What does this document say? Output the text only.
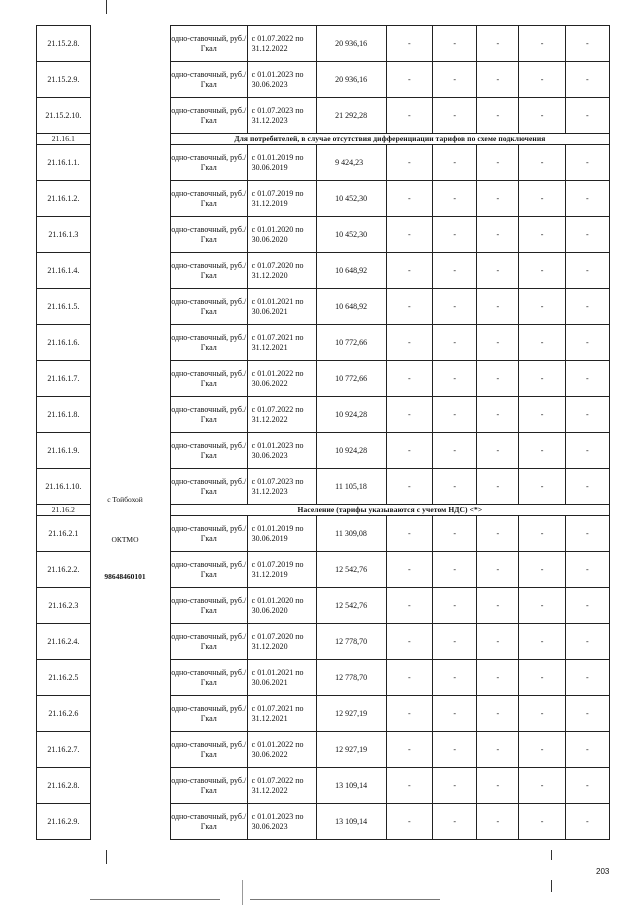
21.15.2.8.		одно-ставочный, руб./Гкал	с 01.07.2022 по 31.12.2022	20 936,16	-	-	-	-	-
21.15.2.9.		одно-ставочный, руб./Гкал	с 01.01.2023 по 30.06.2023	20 936,16	-	-	-	-	-
21.15.2.10.		одно-ставочный, руб./Гкал	с 01.07.2023 по 31.12.2023	21 292,28	-	-	-	-	-
21.16.1		Для потребителей, в случае отсутствия дифференциации тарифов по схеме подключения							
21.16.1.1.		одно-ставочный, руб./Гкал	с 01.01.2019 по 30.06.2019	9 424,23	-	-	-	-	-
21.16.1.2.		одно-ставочный, руб./Гкал	с 01.07.2019 по 31.12.2019	10 452,30	-	-	-	-	-
21.16.1.3		одно-ставочный, руб./Гкал	с 01.01.2020 по 30.06.2020	10 452,30	-	-	-	-	-
21.16.1.4.		одно-ставочный, руб./Гкал	с 01.07.2020 по 31.12.2020	10 648,92	-	-	-	-	-
21.16.1.5.		одно-ставочный, руб./Гкал	с 01.01.2021 по 30.06.2021	10 648,92	-	-	-	-	-
21.16.1.6.		одно-ставочный, руб./Гкал	с 01.07.2021 по 31.12.2021	10 772,66	-	-	-	-	-
21.16.1.7.		одно-ставочный, руб./Гкал	с 01.01.2022 по 30.06.2022	10 772,66	-	-	-	-	-
21.16.1.8.		одно-ставочный, руб./Гкал	с 01.07.2022 по 31.12.2022	10 924,28	-	-	-	-	-
21.16.1.9.		одно-ставочный, руб./Гкал	с 01.01.2023 по 30.06.2023	10 924,28	-	-	-	-	-
21.16.1.10.		одно-ставочный, руб./Гкал	с 01.07.2023 по 31.12.2023	11 105,18	-	-	-	-	-
21.16.2		Население (тарифы указываются с учетом НДС) <*>							
21.16.2.1		одно-ставочный, руб./Гкал	с 01.01.2019 по 30.06.2019	11 309,08	-	-	-	-	-
21.16.2.2.		одно-ставочный, руб./Гкал	с 01.07.2019 по 31.12.2019	12 542,76	-	-	-	-	-
21.16.2.3		одно-ставочный, руб./Гкал	с 01.01.2020 по 30.06.2020	12 542,76	-	-	-	-	-
21.16.2.4.		одно-ставочный, руб./Гкал	с 01.07.2020 по 31.12.2020	12 778,70	-	-	-	-	-
21.16.2.5		одно-ставочный, руб./Гкал	с 01.01.2021 по 30.06.2021	12 778,70	-	-	-	-	-
21.16.2.6		одно-ставочный, руб./Гкал	с 01.07.2021 по 31.12.2021	12 927,19	-	-	-	-	-
21.16.2.7.		одно-ставочный, руб./Гкал	с 01.01.2022 по 30.06.2022	12 927,19	-	-	-	-	-
21.16.2.8.		одно-ставочный, руб./Гкал	с 01.07.2022 по 31.12.2022	13 109,14	-	-	-	-	-
21.16.2.9.		одно-ставочный, руб./Гкал	с 01.01.2023 по 30.06.2023	13 109,14	-	-	-	-	-
с Тойбохой
ОКТМО
98648460101
203
